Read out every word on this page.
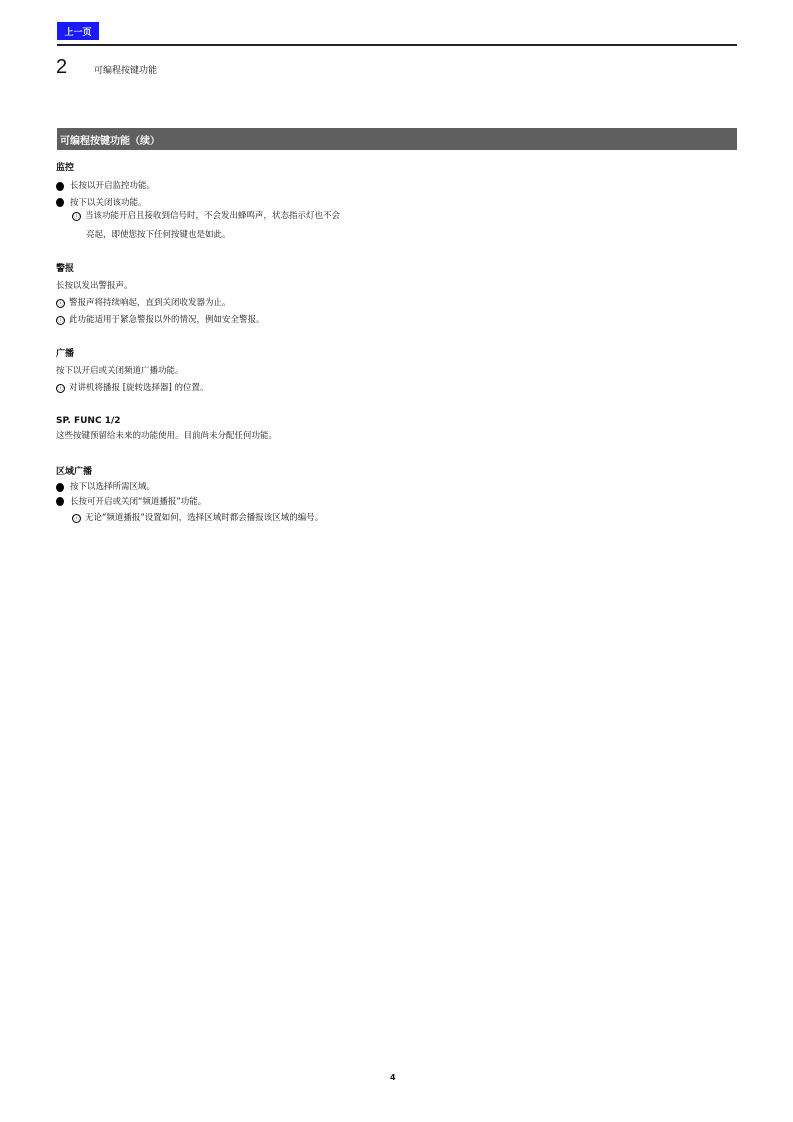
上一页
2	可编程按键功能
可编程按键功能（续）
监控
长按以开启监控功能。
按下以关闭该功能。
ⓘ 当该功能开启且接收到信号时，不会发出蜂鸣声，状态指示灯也不会
亮起，即使您按下任何按键也是如此。
警报
长按以发出警报声。
ⓘ 警报声将持续响起，直到关闭收发器为止。
ⓘ 此功能适用于紧急警报以外的情况，例如安全警报。
广播
按下以开启或关闭频道广播功能。
ⓘ 对讲机将播报 [旋转选择器] 的位置。
SP. FUNC 1/2
这些按键预留给未来的功能使用。目前尚未分配任何功能。
区域广播
按下以选择所需区域。
长按可开启或关闭“频道播报”功能。
ⓘ 无论“频道播报”设置如何，选择区域时都会播报该区域的编号。
4
